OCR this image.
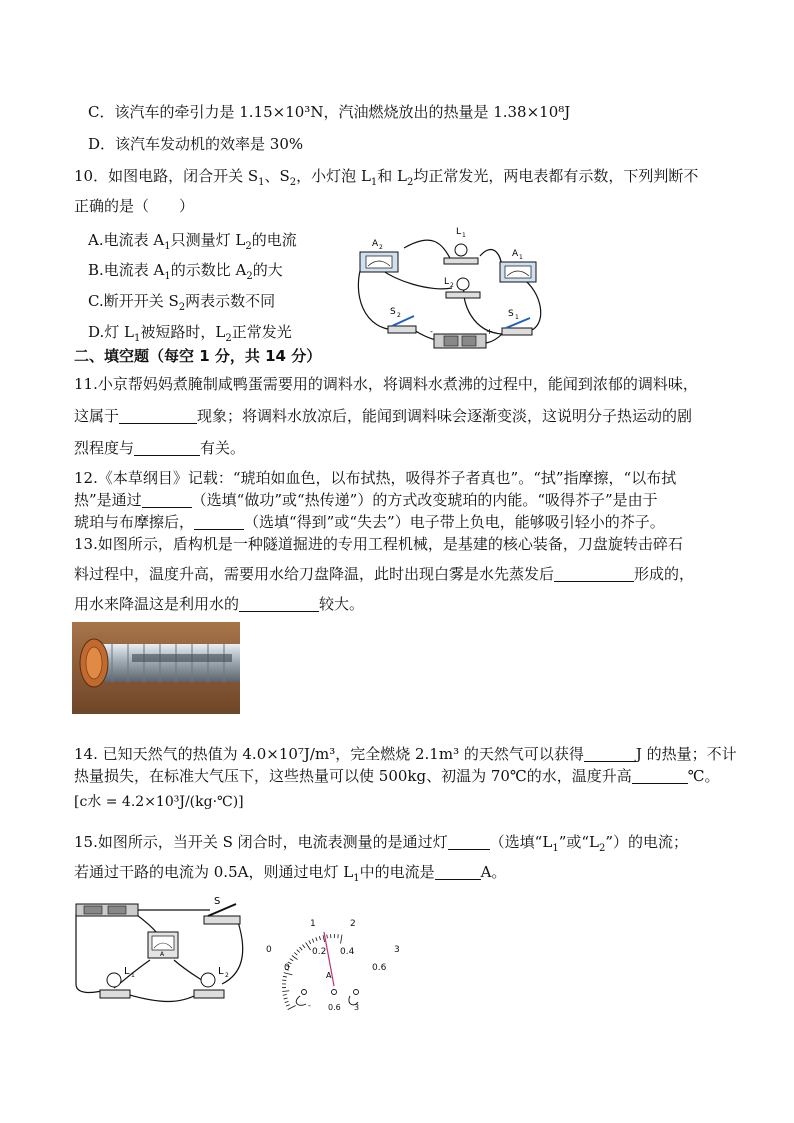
C．该汽车的牵引力是 1.15×10³N，汽油燃烧放出的热量是 1.38×10⁸J
D．该汽车发动机的效率是 30%
10．如图电路，闭合开关 $S_1$、$S_2$，小灯泡 $L_1$和 $L_2$均正常发光，两电表都有示数，下列判断不
正确的是（　　）
A.电流表 $A_1$只测量灯 $L_2$的电流
B.电流表 $A_1$的示数比 $A_2$的大
C.断开开关 $S_2$两表示数不同
D.灯 $L_1$被短路时，$L_2$正常发光
A 2
A 1
L 1
L 2
S 2	S 1
-	+
二、填空题（每空 1 分，共 14 分）
11.小京帮妈妈煮腌制咸鸭蛋需要用的调料水，将调料水煮沸的过程中，能闻到浓郁的调料味，
这属于	现象；将调料水放凉后，能闻到调料味会逐渐变淡，这说明分子热运动的剧
烈程度与	有关。
12.《本草纲目》记载：“琥珀如血色，以布拭热，吸得芥子者真也”。“拭”指摩擦，“以布拭
热”是通过	（选填“做功”或“热传递”）的方式改变琥珀的内能。“吸得芥子”是由于
琥珀与布摩擦后，	（选填“得到”或“失去”）电子带上负电，能够吸引轻小的芥子。
13.如图所示，盾构机是一种隧道掘进的专用工程机械，是基建的核心装备，刀盘旋转击碎石
料过程中，温度升高，需要用水给刀盘降温，此时出现白雾是水先蒸发后	形成的，
用水来降温这是利用水的	较大。
14. 已知天然气的热值为 4.0×10⁷J/m³，完全燃烧 2.1m³ 的天然气可以获得	J 的热量；不计
热量损失，在标准大气压下，这些热量可以使 500kg、初温为 70℃的水，温度升高	℃。
[c水 = 4.2×10³J/(kg·℃)]
15.如图所示，当开关 S 闭合时，电流表测量的是通过灯	（选填“$L_1$”或“$L_2$”）的电流；
若通过干路的电流为 0.5A，则通过电灯 $L_1$中的电流是	A。
S
A
L 1	L 2
0
1	2
3
0
0.2 0.4
0.6
A
- 0.6 3
